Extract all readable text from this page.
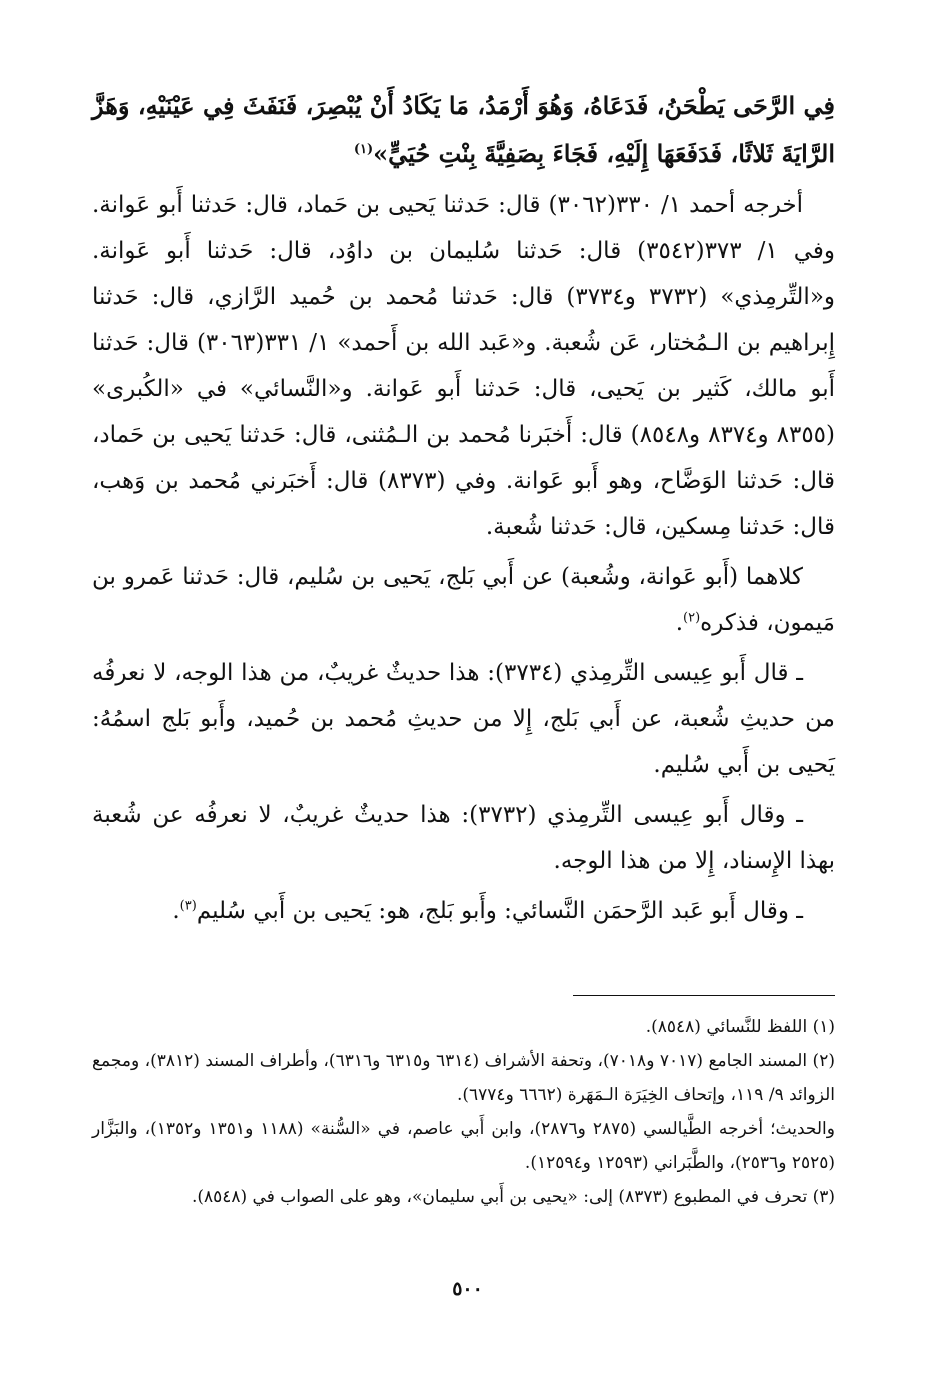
فِي الرَّحَى يَطْحَنُ، فَدَعَاهُ، وَهُوَ أَرْمَدُ، مَا يَكَادُ أَنْ يُبْصِرَ، فَنَفَثَ فِي عَيْنَيْهِ، وَهَزَّ الرَّايَةَ ثَلاثًا، فَدَفَعَهَا إِلَيْهِ، فَجَاءَ بِصَفِيَّةَ بِنْتِ حُيَيٍّ»$^{(١)}$

أخرجه أحمد ١/ ٣٣٠(٣٠٦٢) قال: حَدثنا يَحيى بن حَماد، قال: حَدثنا أَبو عَوانة. وفي ١/ ٣٧٣(٣٥٤٢) قال: حَدثنا سُليمان بن داوُد، قال: حَدثنا أَبو عَوانة. و«التِّرمِذي» (٣٧٣٢ و٣٧٣٤) قال: حَدثنا مُحمد بن حُميد الرَّازي، قال: حَدثنا إِبراهيم بن الـمُختار، عَن شُعبة. و«عَبد الله بن أَحمد» ١/ ٣٣١(٣٠٦٣) قال: حَدثنا أَبو مالك، كَثير بن يَحيى، قال: حَدثنا أَبو عَوانة. و«النَّسائي» في «الكُبرى» (٨٣٥٥ و٨٣٧٤ و٨٥٤٨) قال: أَخبَرنا مُحمد بن الـمُثنى، قال: حَدثنا يَحيى بن حَماد، قال: حَدثنا الوَضَّاح، وهو أَبو عَوانة. وفي (٨٣٧٣) قال: أَخبَرني مُحمد بن وَهب، قال: حَدثنا مِسكين، قال: حَدثنا شُعبة.

كلاهما (أَبو عَوانة، وشُعبة) عن أَبي بَلج، يَحيى بن سُليم، قال: حَدثنا عَمرو بن مَيمون، فذكره$^{(٢)}$.

ـ قال أَبو عِيسى التِّرمِذي (٣٧٣٤): هذا حديثٌ غريبٌ، من هذا الوجه، لا نعرفُه من حديثِ شُعبة، عن أَبي بَلج، إِلا من حديثِ مُحمد بن حُميد، وأَبو بَلج اسمُهُ: يَحيى بن أَبي سُليم.

ـ وقال أَبو عِيسى التِّرمِذي (٣٧٣٢): هذا حديثٌ غريبٌ، لا نعرفُه عن شُعبة بهذا الإِسناد، إِلا من هذا الوجه.

ـ وقال أَبو عَبد الرَّحمَن النَّسائي: وأَبو بَلج، هو: يَحيى بن أَبي سُليم$^{(٣)}$.

(١) اللفظ للنَّسائي (٨٥٤٨).

(٢) المسند الجامع (٧٠١٧ و٧٠١٨)، وتحفة الأشراف (٦٣١٤ و٦٣١٥ و٦٣١٦)، وأطراف المسند (٣٨١٢)، ومجمع الزوائد ٩/ ١١٩، وإتحاف الخِيَرَة الـمَهَرة (٦٦٦٢ و٦٧٧٤).

والحديث؛ أخرجه الطَّيالسي (٢٨٧٥ و٢٨٧٦)، وابن أَبي عاصم، في «السُّنة» (١١٨٨ و١٣٥١ و١٣٥٢)، والبَزَّار (٢٥٢٥ و٢٥٣٦)، والطَّبَراني (١٢٥٩٣ و١٢٥٩٤).

(٣) تحرف في المطبوع (٨٣٧٣) إلى: «يحيى بن أَبي سليمان»، وهو على الصواب في (٨٥٤٨).

٥٠٠
